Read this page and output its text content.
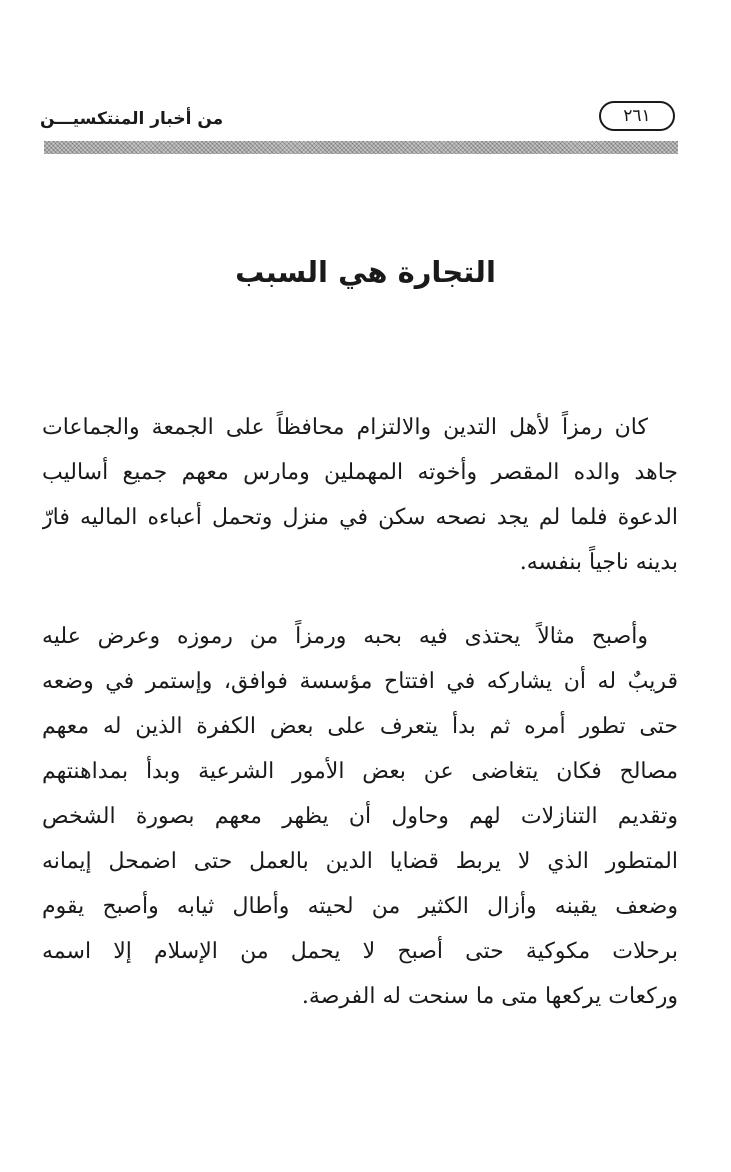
من أخبار المنتكسيـــن	٢٦١
التجارة هي السبب
كان رمزاً لأهل التدين والالتزام محافظاً على الجمعة والجماعات
جاهد والده المقصر وأخوته المهملين ومارس معهم جميع أساليب
الدعوة فلما لم يجد نصحه سكن في منزل وتحمل أعباءه الماليه فارّ
بدينه ناجياً بنفسه.
وأصبح مثالاً يحتذى فيه بحبه ورمزاً من رموزه وعرض عليه
قريبٌ له أن يشاركه في افتتاح مؤسسة فوافق، وإستمر في وضعه
حتى تطور أمره ثم بدأ يتعرف على بعض الكفرة الذين له معهم
مصالح فكان يتغاضى عن بعض الأمور الشرعية وبدأ بمداهنتهم
وتقديم التنازلات لهم وحاول أن يظهر معهم بصورة الشخص
المتطور الذي لا يربط قضايا الدين بالعمل حتى اضمحل إيمانه
وضعف يقينه وأزال الكثير من لحيته وأطال ثيابه وأصبح يقوم
برحلات مكوكية حتى أصبح لا يحمل من الإسلام إلا اسمه
وركعات يركعها متى ما سنحت له الفرصة.
